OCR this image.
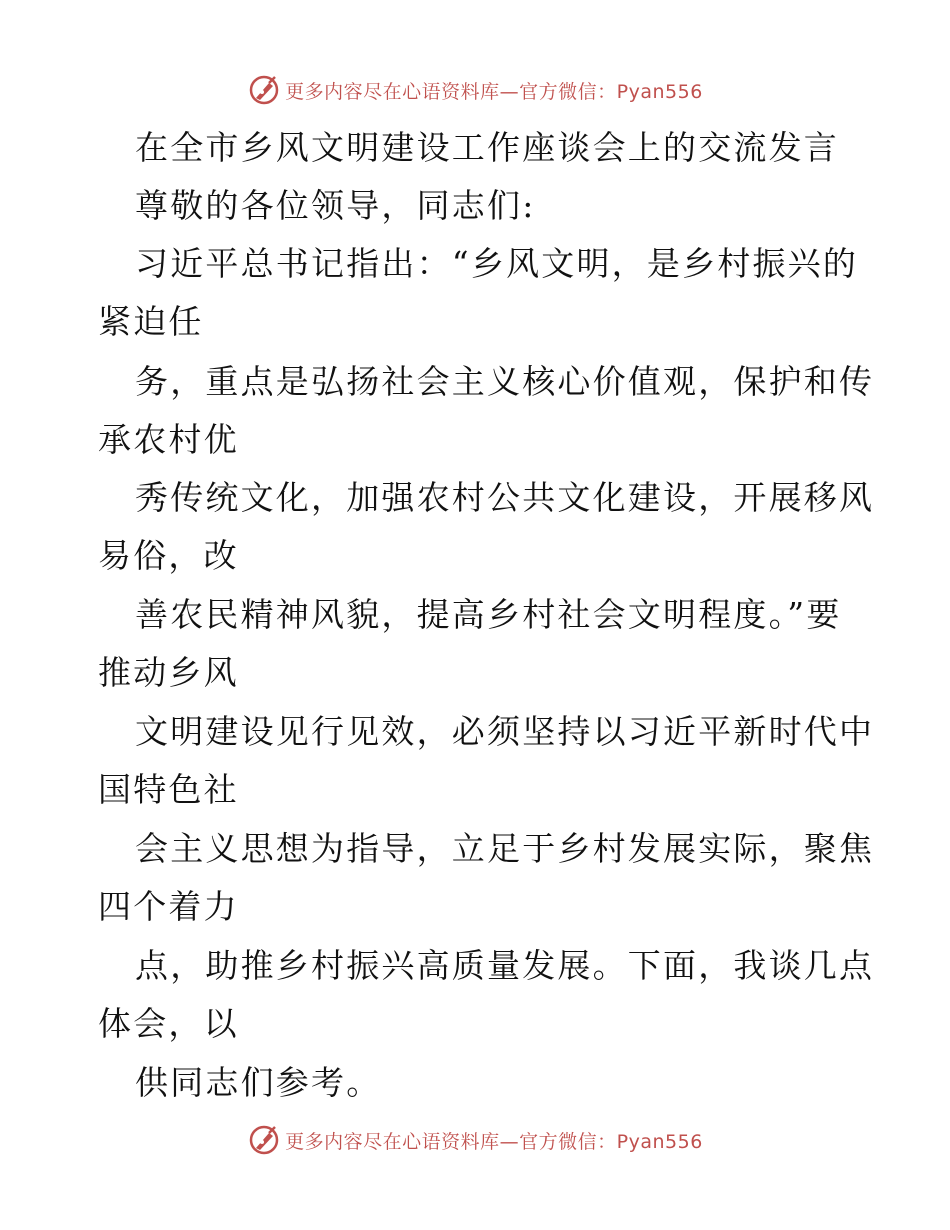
更多内容尽在心语资料库—官方微信：Pyan556
在全市乡风文明建设工作座谈会上的交流发言
尊敬的各位领导，同志们:
习近平总书记指出：“乡风文明，是乡村振兴的
紧迫任
务，重点是弘扬社会主义核心价值观，保护和传
承农村优
秀传统文化，加强农村公共文化建设，开展移风
易俗，改
善农民精神风貌，提高乡村社会文明程度。”要
推动乡风
文明建设见行见效，必须坚持以习近平新时代中
国特色社
会主义思想为指导，立足于乡村发展实际，聚焦
四个着力
点，助推乡村振兴高质量发展。下面，我谈几点
体会，以
供同志们参考。
更多内容尽在心语资料库—官方微信：Pyan556
